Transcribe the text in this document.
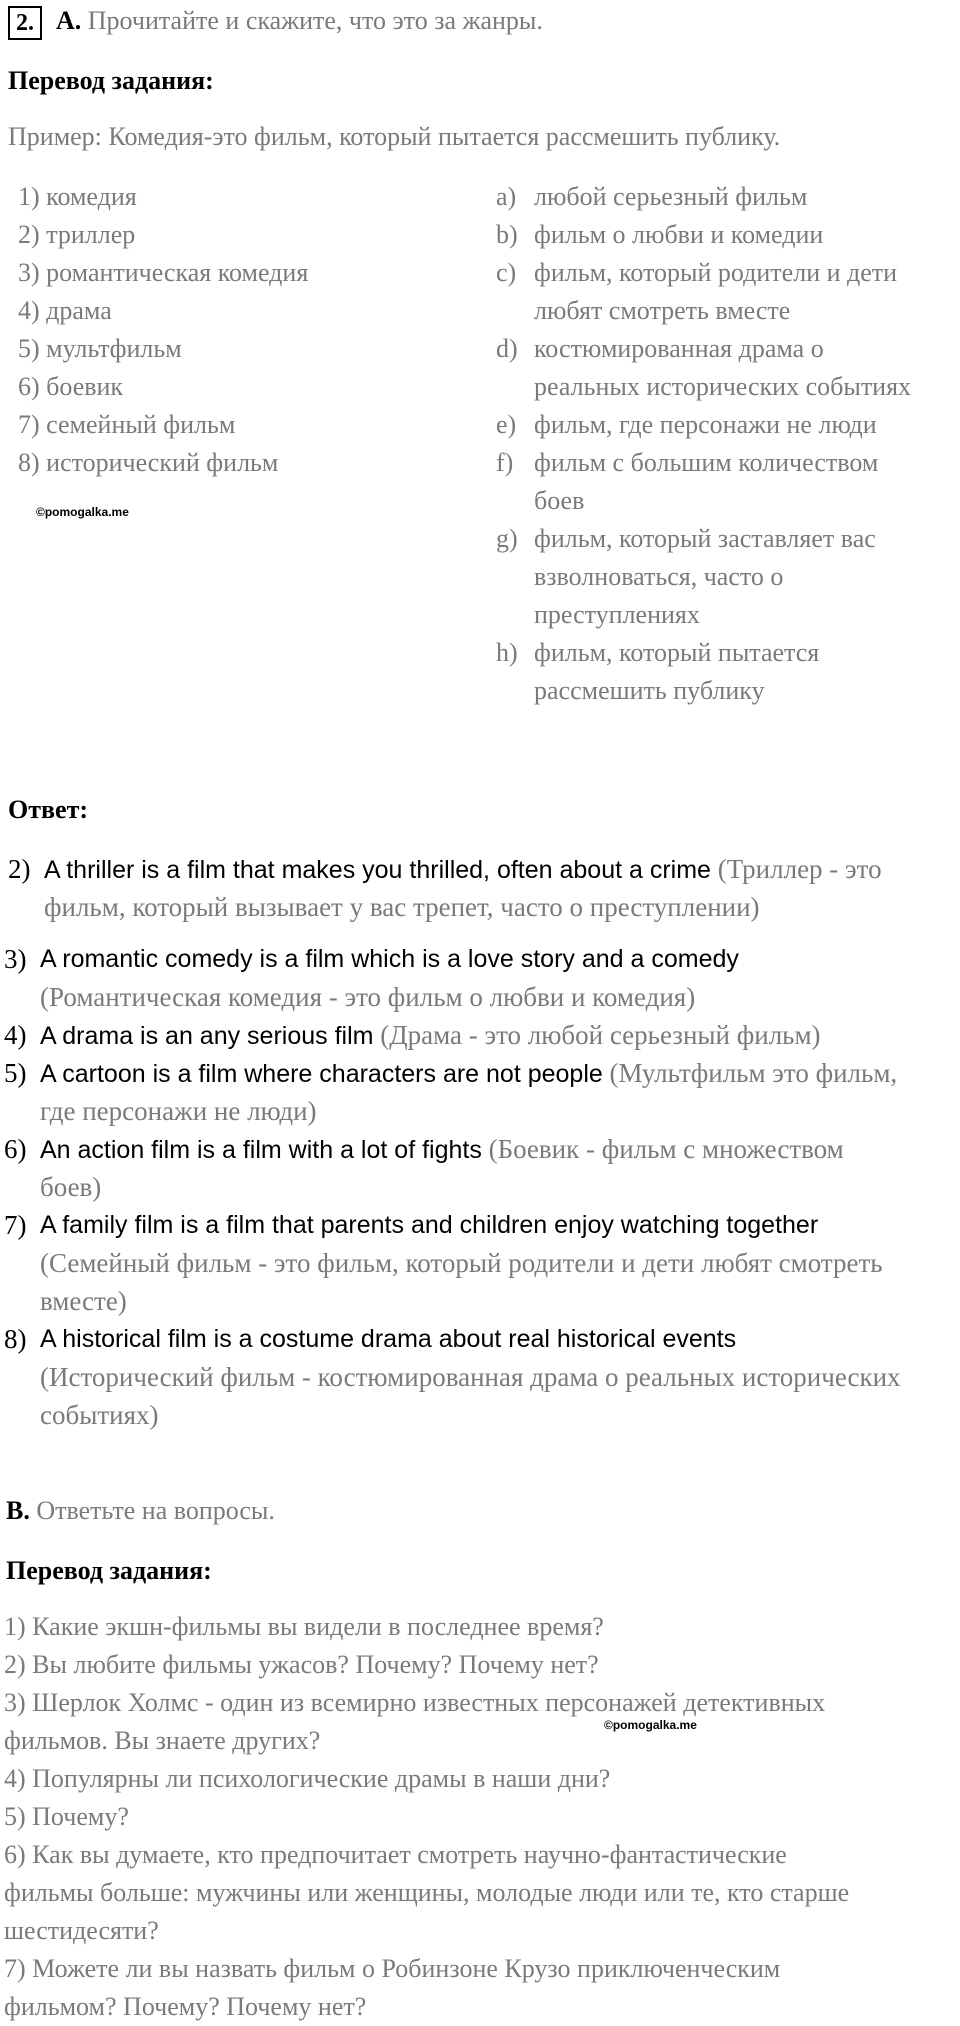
2. A. Прочитайте и скажите, что это за жанры.
Перевод задания:
Пример: Комедия-это фильм, который пытается рассмешить публику.
1) комедия
2) триллер
3) романтическая комедия
4) драма
5) мультфильм
6) боевик
7) семейный фильм
8) исторический фильм
©pomogalka.me
a) любой серьезный фильм
b) фильм о любви и комедии
c) фильм, который родители и дети
любят смотреть вместе
d) костюмированная драма о
реальных исторических событиях
e) фильм, где персонажи не люди
f) фильм с большим количеством
боев
g) фильм, который заставляет вас
взволноваться, часто о
преступлениях
h) фильм, который пытается
рассмешить публику
Ответ:
2) A thriller is a film that makes you thrilled, often about a crime (Триллер - это
фильм, который вызывает у вас трепет, часто о преступлении)
3) A romantic comedy is a film which is a love story and a comedy
(Романтическая комедия - это фильм о любви и комедия)
4) A drama is an any serious film (Драма - это любой серьезный фильм)
5) A cartoon is a film where characters are not people (Мультфильм это фильм,
где персонажи не люди)
6) An action film is a film with a lot of fights (Боевик - фильм с множеством
боев)
7) A family film is a film that parents and children enjoy watching together
(Семейный фильм - это фильм, который родители и дети любят смотреть
вместе)
8) A historical film is a costume drama about real historical events
(Исторический фильм - костюмированная драма о реальных исторических
событиях)
B. Ответьте на вопросы.
Перевод задания:
1) Какие экшн-фильмы вы видели в последнее время?
2) Вы любите фильмы ужасов? Почему? Почему нет?
3) Шерлок Холмс - один из всемирно известных персонажей детективных
фильмов. Вы знаете других?
4) Популярны ли психологические драмы в наши дни?
5) Почему?
6) Как вы думаете, кто предпочитает смотреть научно-фантастические
фильмы больше: мужчины или женщины, молодые люди или те, кто старше
шестидесяти?
7) Можете ли вы назвать фильм о Робинзоне Крузо приключенческим
фильмом? Почему? Почему нет?
©pomogalka.me
